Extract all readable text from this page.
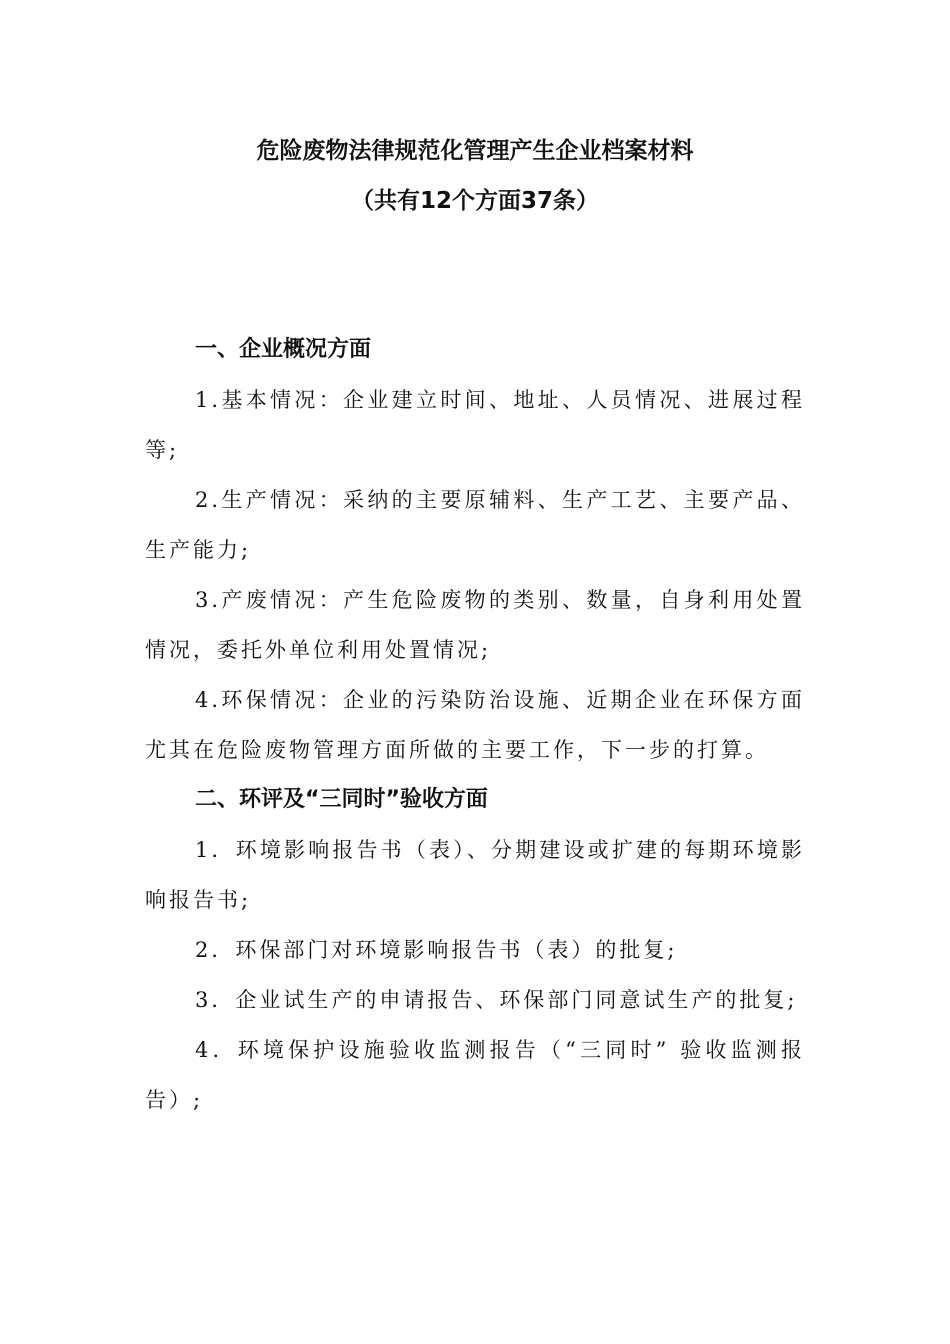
危险废物法律规范化管理产生企业档案材料
（共有12个方面37条）
一、企业概况方面

1.基本情况：企业建立时间、地址、人员情况、进展过程等;

2.生产情况：采纳的主要原辅料、生产工艺、主要产品、生产能力;

3.产废情况：产生危险废物的类别、数量，自身利用处置情况，委托外单位利用处置情况;

4.环保情况：企业的污染防治设施、近期企业在环保方面尤其在危险废物管理方面所做的主要工作，下一步的打算。

二、环评及“三同时”验收方面

1．环境影响报告书（表）、分期建设或扩建的每期环境影响报告书;

2．环保部门对环境影响报告书（表）的批复;

3．企业试生产的申请报告、环保部门同意试生产的批复;

4．环境保护设施验收监测报告（“三同时” 验收监测报告）;
